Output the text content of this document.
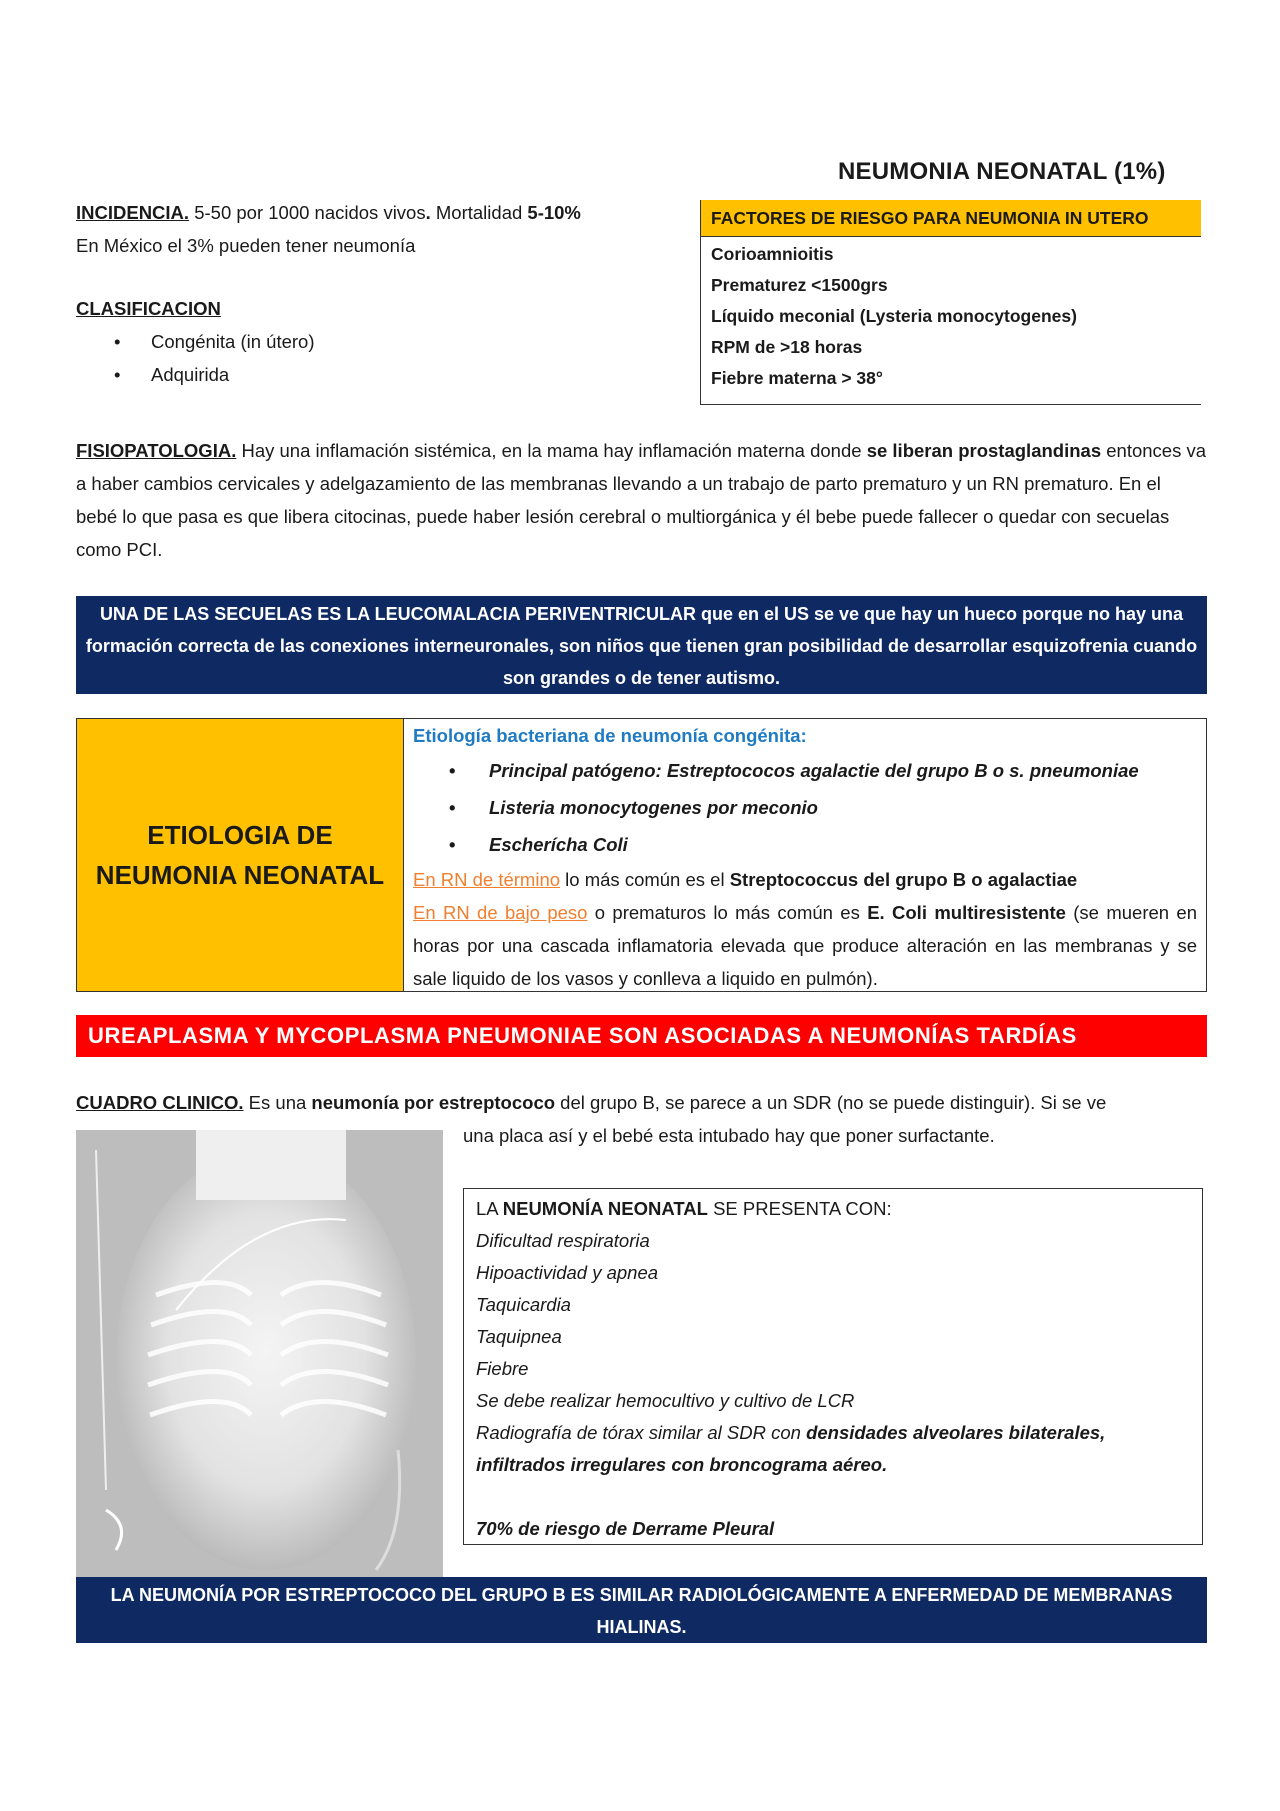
NEUMONIA NEONATAL (1%)
INCIDENCIA. 5-50 por 1000 nacidos vivos. Mortalidad 5-10%
En México el 3% pueden tener neumonía
CLASIFICACION
• Congénita (in útero)
• Adquirida
FACTORES DE RIESGO PARA NEUMONIA IN UTERO
Corioamnioitis
Prematurez <1500grs
Líquido meconial (Lysteria monocytogenes)
RPM de >18 horas
Fiebre materna > 38°
FISIOPATOLOGIA. Hay una inflamación sistémica, en la mama hay inflamación materna donde se liberan prostaglandinas entonces va a haber cambios cervicales y adelgazamiento de las membranas llevando a un trabajo de parto prematuro y un RN prematuro. En el bebé lo que pasa es que libera citocinas, puede haber lesión cerebral o multiorgánica y él bebe puede fallecer o quedar con secuelas como PCI.
UNA DE LAS SECUELAS ES LA LEUCOMALACIA PERIVENTRICULAR que en el US se ve que hay un hueco porque no hay una formación correcta de las conexiones interneuronales, son niños que tienen gran posibilidad de desarrollar esquizofrenia cuando son grandes o de tener autismo.
ETIOLOGIA DE NEUMONIA NEONATAL
Etiología bacteriana de neumonía congénita:
• Principal patógeno: Estreptococos agalactie del grupo B o s. pneumoniae
• Listeria monocytogenes por meconio
• Escherícha Coli
En RN de término lo más común es el Streptococcus del grupo B o agalactiae
En RN de bajo peso o prematuros lo más común es E. Coli multiresistente (se mueren en horas por una cascada inflamatoria elevada que produce alteración en las membranas y se sale liquido de los vasos y conlleva a liquido en pulmón).
UREAPLASMA Y MYCOPLASMA PNEUMONIAE SON ASOCIADAS A NEUMONÍAS TARDÍAS
CUADRO CLINICO. Es una neumonía por estreptococo del grupo B, se parece a un SDR (no se puede distinguir). Si se ve
una placa así y el bebé esta intubado hay que poner surfactante.
LA NEUMONÍA NEONATAL SE PRESENTA CON:
Dificultad respiratoria
Hipoactividad y apnea
Taquicardia
Taquipnea
Fiebre
Se debe realizar hemocultivo y cultivo de LCR
Radiografía de tórax similar al SDR con densidades alveolares bilaterales, infiltrados irregulares con broncograma aéreo.
70% de riesgo de Derrame Pleural
LA NEUMONÍA POR ESTREPTOCOCO DEL GRUPO B ES SIMILAR RADIOLÓGICAMENTE A ENFERMEDAD DE MEMBRANAS HIALINAS.
